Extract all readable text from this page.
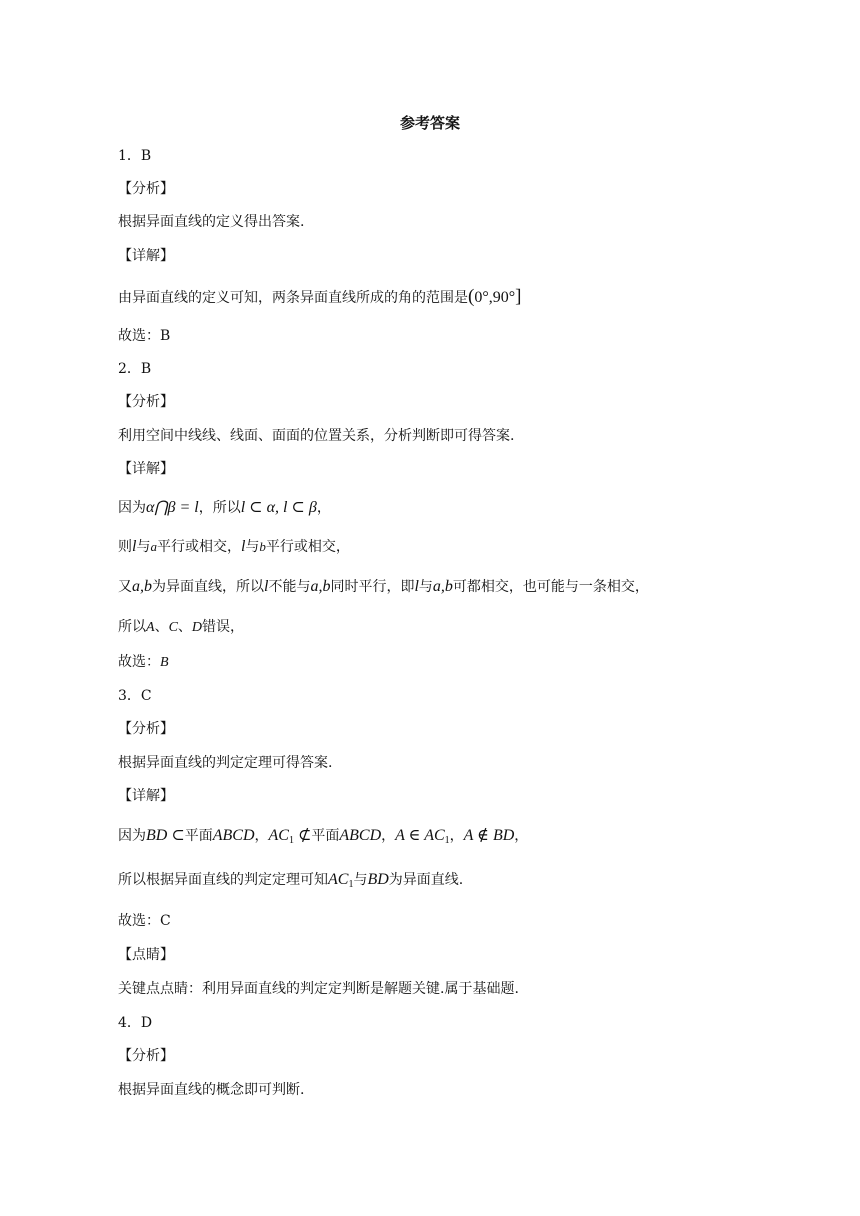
参考答案
1．B
【分析】
根据异面直线的定义得出答案.
【详解】
由异面直线的定义可知，两条异面直线所成的角的范围是(0°,90°]
故选：B
2．B
【分析】
利用空间中线线、线面、面面的位置关系，分析判断即可得答案.
【详解】
因为α⋂β = l，所以l ⊂ α, l ⊂ β，
则l与a平行或相交，l与b平行或相交，
又a,b为异面直线，所以l不能与a,b同时平行，即l与a,b可都相交，也可能与一条相交，
所以A、C、D错误，
故选：B
3．C
【分析】
根据异面直线的判定定理可得答案.
【详解】
因为BD ⊂平面ABCD，$AC_1$ ⊄平面ABCD，A ∈ $AC_1$，A ∉ BD，
所以根据异面直线的判定定理可知$AC_1$与BD为异面直线.
故选：C
【点睛】
关键点点睛：利用异面直线的判定定判断是解题关键.属于基础题.
4．D
【分析】
根据异面直线的概念即可判断.
